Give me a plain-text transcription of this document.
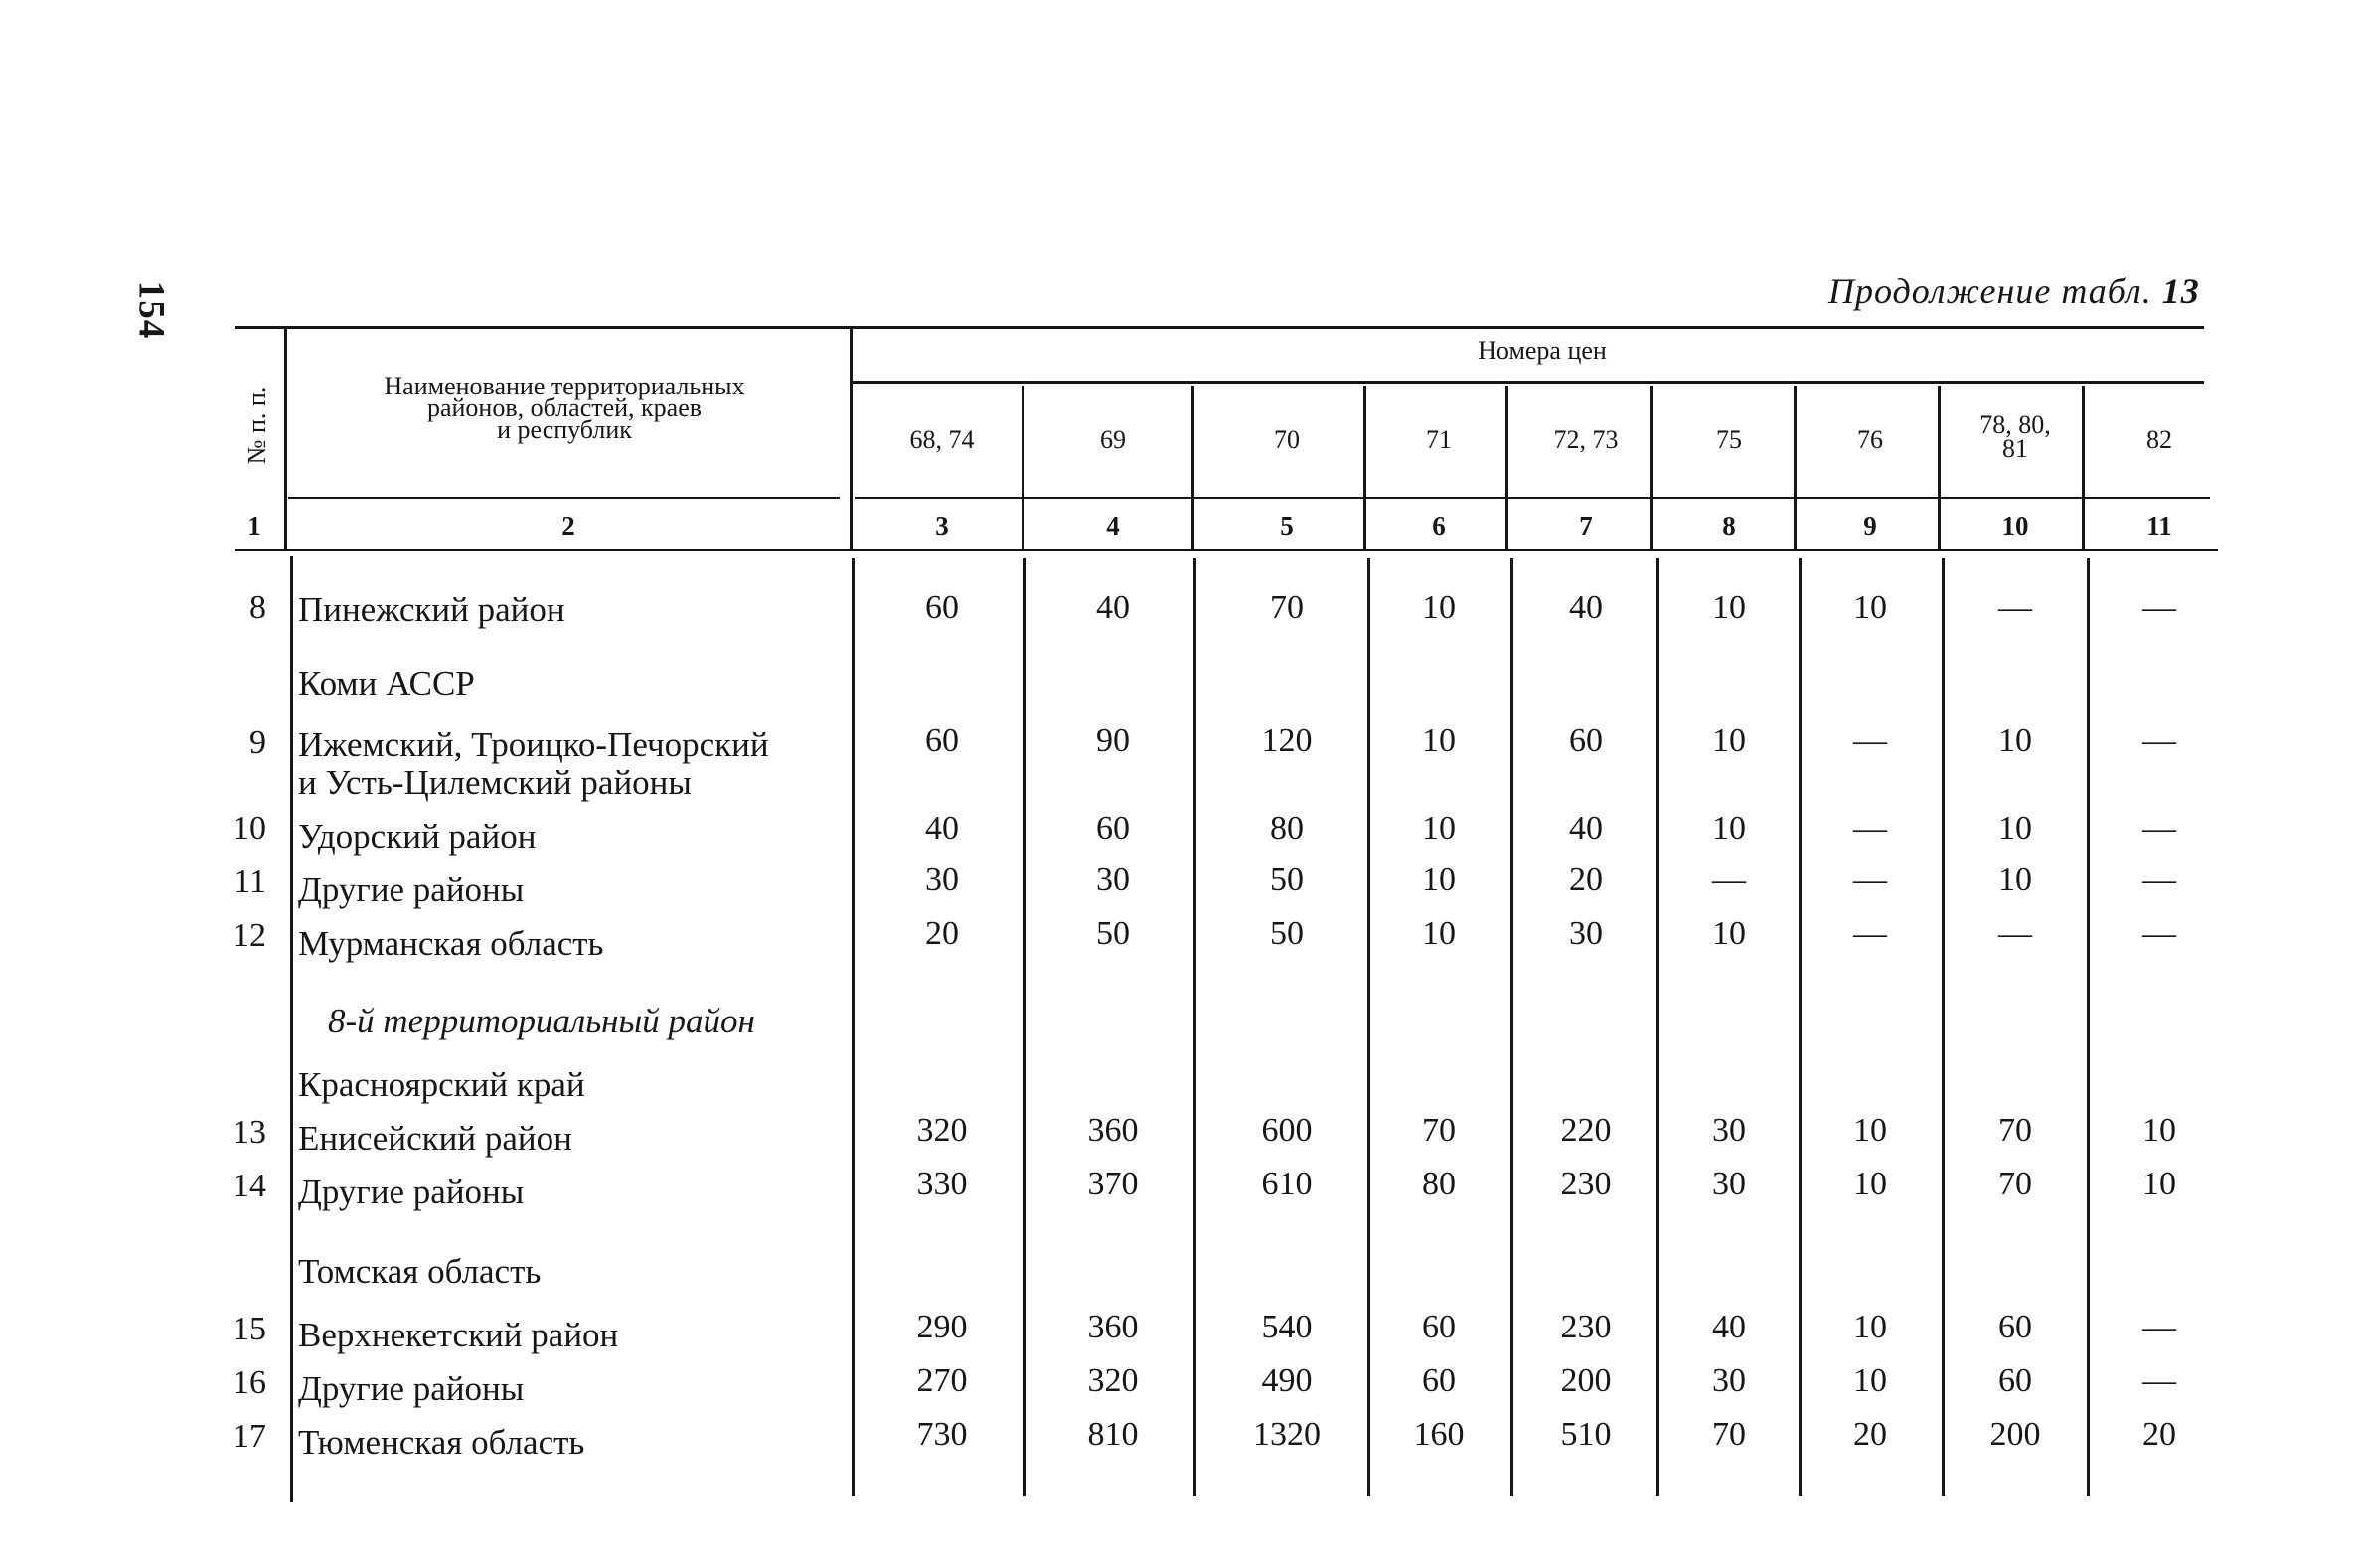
154	Продолжение табл. 13
№ п. п.
Наименование территориальных
районов, областей, краев
и республик
Номера цен
68, 74	69	70	71	72, 73	75	76
78, 80,
81	82
1	2	3	4	5	6	7	8	9	10	11
8 Пинежский район	60	40	70	10	40	10	10	—	—
Коми АССР
9 Ижемский, Троицко-Печорский
и Усть-Цилемский районы
60	90	120	10	60	10	—	10	—
10 Удорский район	40	60	80	10	40	10	—	10	—
11 Другие районы	30	30	50	10	20	—	—	10	—
12 Мурманская область	20	50	50	10	30	10	—	—	—
8-й территориальный район
Красноярский край
13 Енисейский район	320	360	600	70	220	30	10	70	10
14 Другие районы	330	370	610	80	230	30	10	70	10
Томская область
15 Верхнекетский район	290	360	540	60	230	40	10	60	—
16 Другие районы	270	320	490	60	200	30	10	60	—
17 Тюменская область	730	810	1320	160	510	70	20	200	20
